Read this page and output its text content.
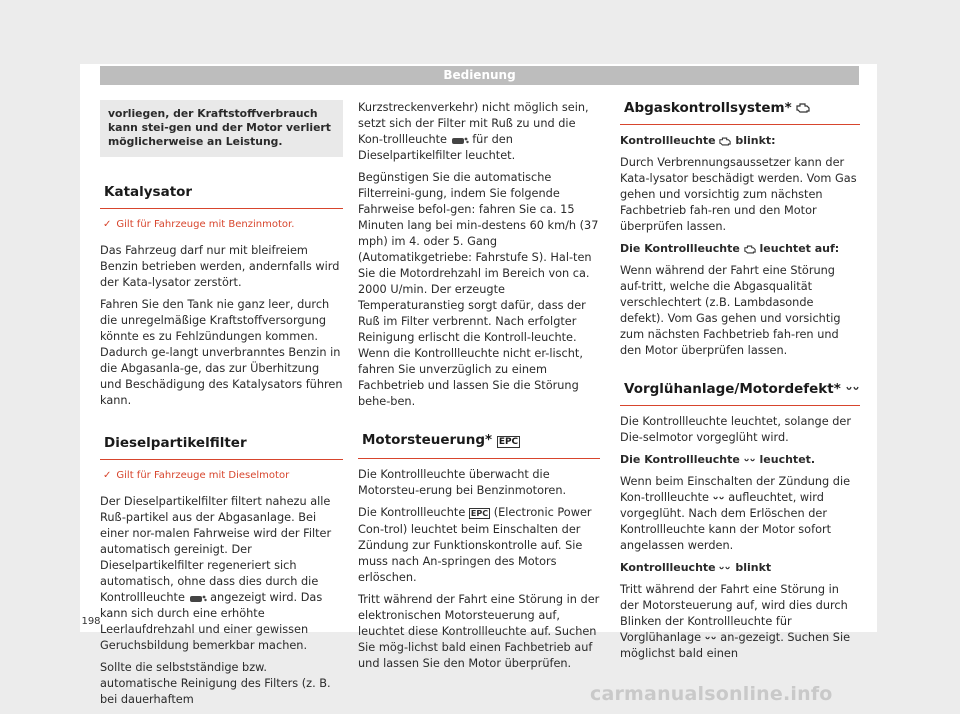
Bedienung
vorliegen, der Kraftstoffverbrauch kann stei-gen und der Motor verliert möglicherweise an Leistung.
Katalysator
✓ Gilt für Fahrzeuge mit Benzinmotor.

Das Fahrzeug darf nur mit bleifreiem Benzin betrieben werden, andernfalls wird der Kata-lysator zerstört.

Fahren Sie den Tank nie ganz leer, durch die unregelmäßige Kraftstoffversorgung könnte es zu Fehlzündungen kommen. Dadurch ge-langt unverbranntes Benzin in die Abgasanla-ge, das zur Überhitzung und Beschädigung des Katalysators führen kann.

Dieselpartikelfilter
✓ Gilt für Fahrzeuge mit Dieselmotor

Der Dieselpartikelfilter filtert nahezu alle Ruß-partikel aus der Abgasanlage. Bei einer nor-malen Fahrweise wird der Filter automatisch gereinigt. Der Dieselpartikelfilter regeneriert sich automatisch, ohne dass dies durch die Kontrollleuchte angezeigt wird. Das kann sich durch eine erhöhte Leerlaufdrehzahl und einer gewissen Geruchsbildung bemerkbar machen.

Sollte die selbstständige bzw. automatische Reinigung des Filters (z. B. bei dauerhaftem

Kurzstreckenverkehr) nicht möglich sein, setzt sich der Filter mit Ruß zu und die Kon-trollleuchte für den Dieselpartikelfilter leuchtet.

Begünstigen Sie die automatische Filterreini-gung, indem Sie folgende Fahrweise befol-gen: fahren Sie ca. 15 Minuten lang bei min-destens 60 km/h (37 mph) im 4. oder 5. Gang (Automatikgetriebe: Fahrstufe S). Hal-ten Sie die Motordrehzahl im Bereich von ca. 2000 U/min. Der erzeugte Temperaturanstieg sorgt dafür, dass der Ruß im Filter verbrennt. Nach erfolgter Reinigung erlischt die Kontroll-leuchte. Wenn die Kontrollleuchte nicht er-lischt, fahren Sie unverzüglich zu einem Fachbetrieb und lassen Sie die Störung behe-ben.

Motorsteuerung* EPC

Die Kontrollleuchte überwacht die Motorsteu-erung bei Benzinmotoren.

Die Kontrollleuchte EPC (Electronic Power Con-trol) leuchtet beim Einschalten der Zündung zur Funktionskontrolle auf. Sie muss nach An-springen des Motors erlöschen.

Tritt während der Fahrt eine Störung in der elektronischen Motorsteuerung auf, leuchtet diese Kontrollleuchte auf. Suchen Sie mög-lichst bald einen Fachbetrieb auf und lassen Sie den Motor überprüfen.

Abgaskontrollsystem*

Kontrollleuchte blinkt:

Durch Verbrennungsaussetzer kann der Kata-lysator beschädigt werden. Vom Gas gehen und vorsichtig zum nächsten Fachbetrieb fah-ren und den Motor überprüfen lassen.

Die Kontrollleuchte leuchtet auf:

Wenn während der Fahrt eine Störung auf-tritt, welche die Abgasqualität verschlechtert (z.B. Lambdasonde defekt). Vom Gas gehen und vorsichtig zum nächsten Fachbetrieb fah-ren und den Motor überprüfen lassen.

Vorglühanlage/Motordefekt*

Die Kontrollleuchte leuchtet, solange der Die-selmotor vorgeglüht wird.

Die Kontrollleuchte leuchtet.

Wenn beim Einschalten der Zündung die Kon-trollleuchte aufleuchtet, wird vorgeglüht. Nach dem Erlöschen der Kontrollleuchte kann der Motor sofort angelassen werden.

Kontrollleuchte blinkt

Tritt während der Fahrt eine Störung in der Motorsteuerung auf, wird dies durch Blinken der Kontrollleuchte für Vorglühanlage an-gezeigt. Suchen Sie möglichst bald einen

198
carmanualsonline.info
